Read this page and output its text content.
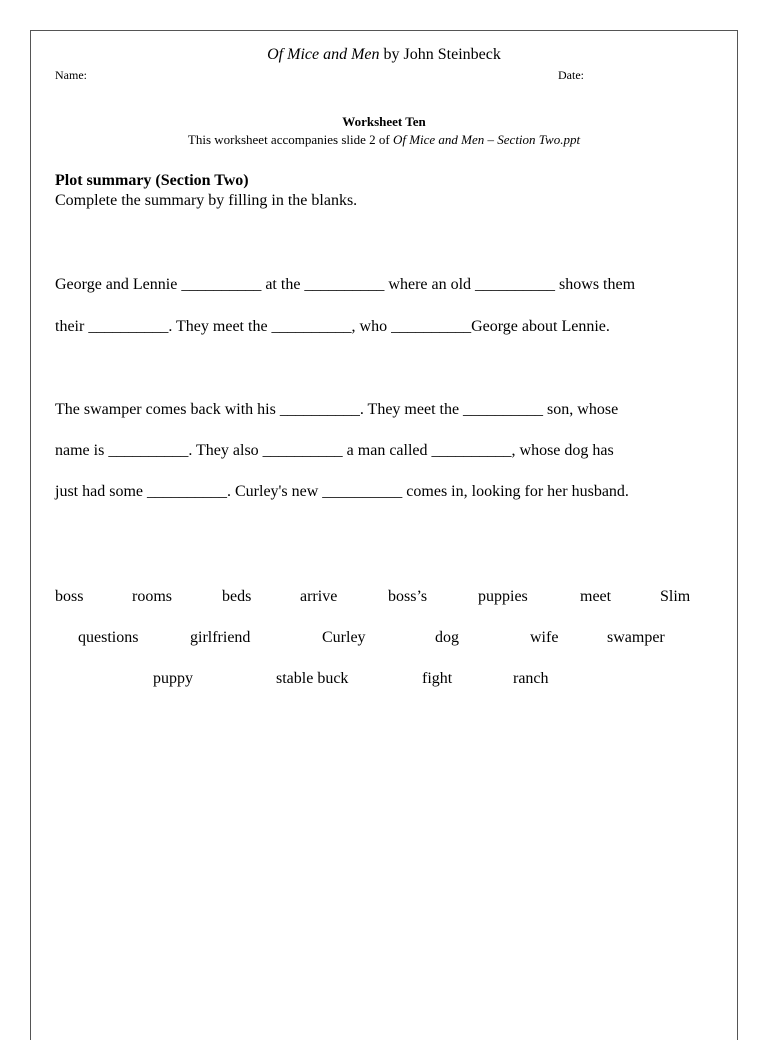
Of Mice and Men by John Steinbeck
Name:	Date:
Worksheet Ten
This worksheet accompanies slide 2 of Of Mice and Men – Section Two.ppt
Plot summary (Section Two)
Complete the summary by filling in the blanks.
George and Lennie __________ at the __________ where an old __________ shows them
their __________. They meet the __________, who __________George about Lennie.
The swamper comes back with his __________. They meet the __________ son, whose
name is __________. They also __________ a man called __________, whose dog has
just had some __________. Curley's new __________ comes in, looking for her husband.
boss	rooms	beds	arrive	boss’s	puppies	meet	Slim
questions	girlfriend	Curley	dog	wife	swamper
puppy	stable buck	fight	ranch
